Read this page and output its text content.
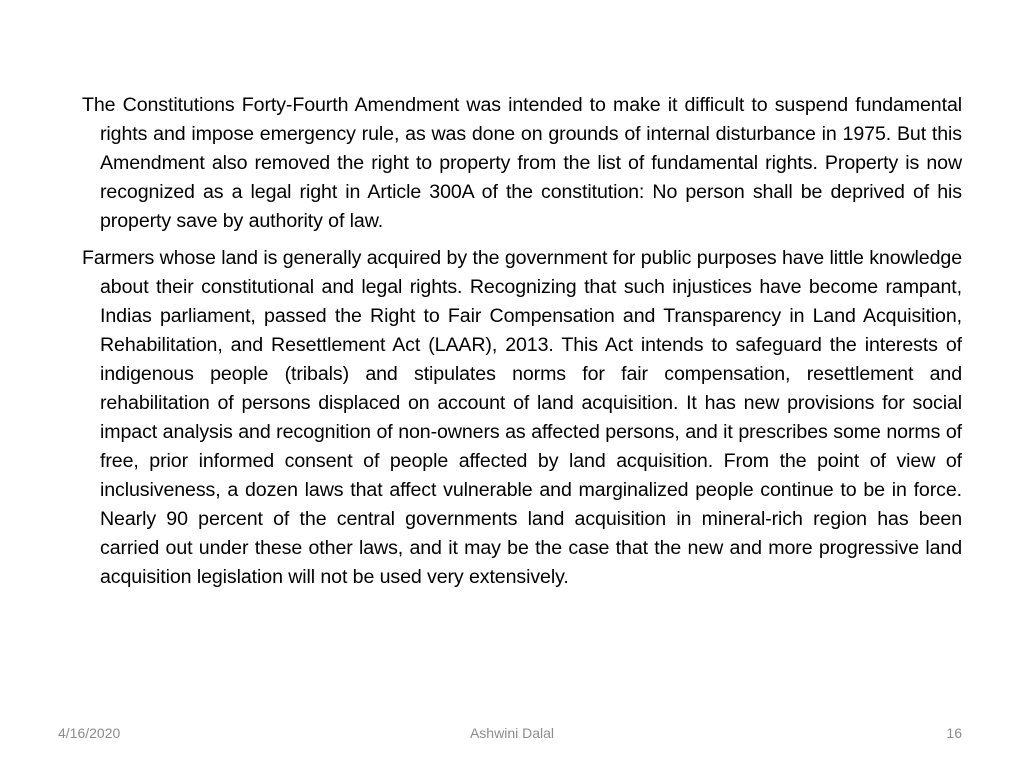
The Constitutions Forty-Fourth Amendment was intended to make it difficult to suspend fundamental rights and impose emergency rule, as was done on grounds of internal disturbance in 1975. But this Amendment also removed the right to property from the list of fundamental rights. Property is now recognized as a legal right in Article 300A of the constitution: No person shall be deprived of his property save by authority of law.

Farmers whose land is generally acquired by the government for public purposes have little knowledge about their constitutional and legal rights. Recognizing that such injustices have become rampant, Indias parliament, passed the Right to Fair Compensation and Transparency in Land Acquisition, Rehabilitation, and Resettlement Act (LAAR), 2013. This Act intends to safeguard the interests of indigenous people (tribals) and stipulates norms for fair compensation, resettlement and rehabilitation of persons displaced on account of land acquisition. It has new provisions for social impact analysis and recognition of non-owners as affected persons, and it prescribes some norms of free, prior informed consent of people affected by land acquisition. From the point of view of inclusiveness, a dozen laws that affect vulnerable and marginalized people continue to be in force. Nearly 90 percent of the central governments land acquisition in mineral-rich region has been carried out under these other laws, and it may be the case that the new and more progressive land acquisition legislation will not be used very extensively.

4/16/2020	Ashwini Dalal	16
